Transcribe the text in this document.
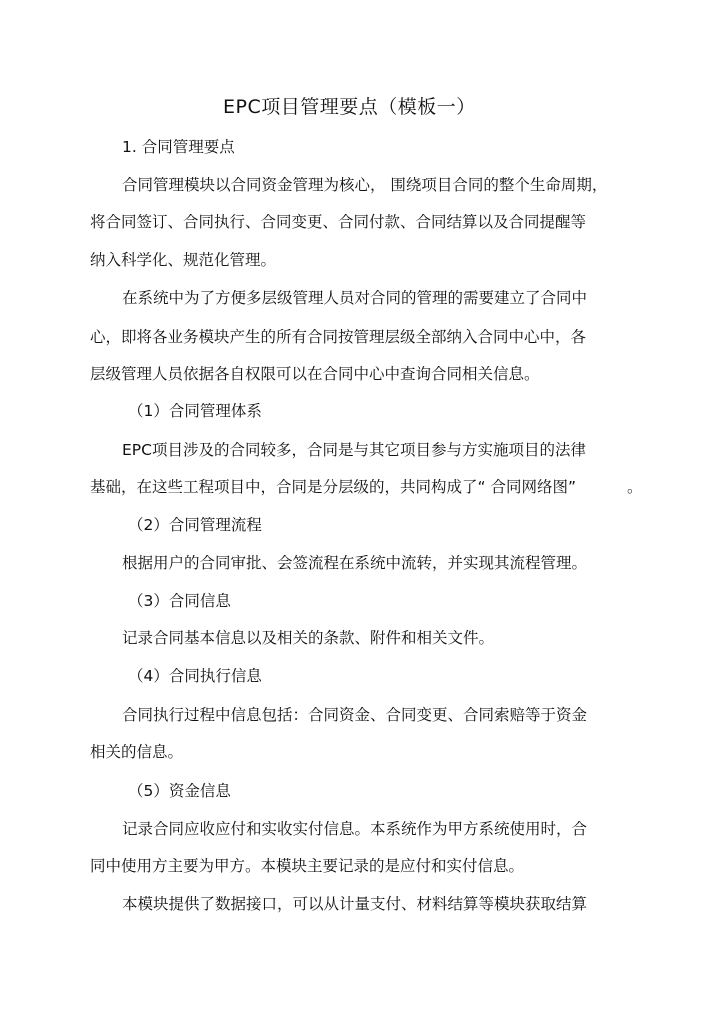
EPC项目管理要点（模板一）

1. 合同管理要点

合同管理模块以合同资金管理为核心， 围绕项目合同的整个生命周期，

将合同签订、合同执行、合同变更、合同付款、合同结算以及合同提醒等

纳入科学化、规范化管理。

在系统中为了方便多层级管理人员对合同的管理的需要建立了合同中

心，即将各业务模块产生的所有合同按管理层级全部纳入合同中心中，各

层级管理人员依据各自权限可以在合同中心中查询合同相关信息。

（1）合同管理体系

EPC项目涉及的合同较多，合同是与其它项目参与方实施项目的法律

基础，在这些工程项目中，合同是分层级的，共同构成了“ 合同网络图”	。

（2）合同管理流程

根据用户的合同审批、会签流程在系统中流转，并实现其流程管理。

（3）合同信息

记录合同基本信息以及相关的条款、附件和相关文件。

（4）合同执行信息

合同执行过程中信息包括：合同资金、合同变更、合同索赔等于资金

相关的信息。

（5）资金信息

记录合同应收应付和实收实付信息。本系统作为甲方系统使用时，合

同中使用方主要为甲方。本模块主要记录的是应付和实付信息。

本模块提供了数据接口，可以从计量支付、材料结算等模块获取结算
